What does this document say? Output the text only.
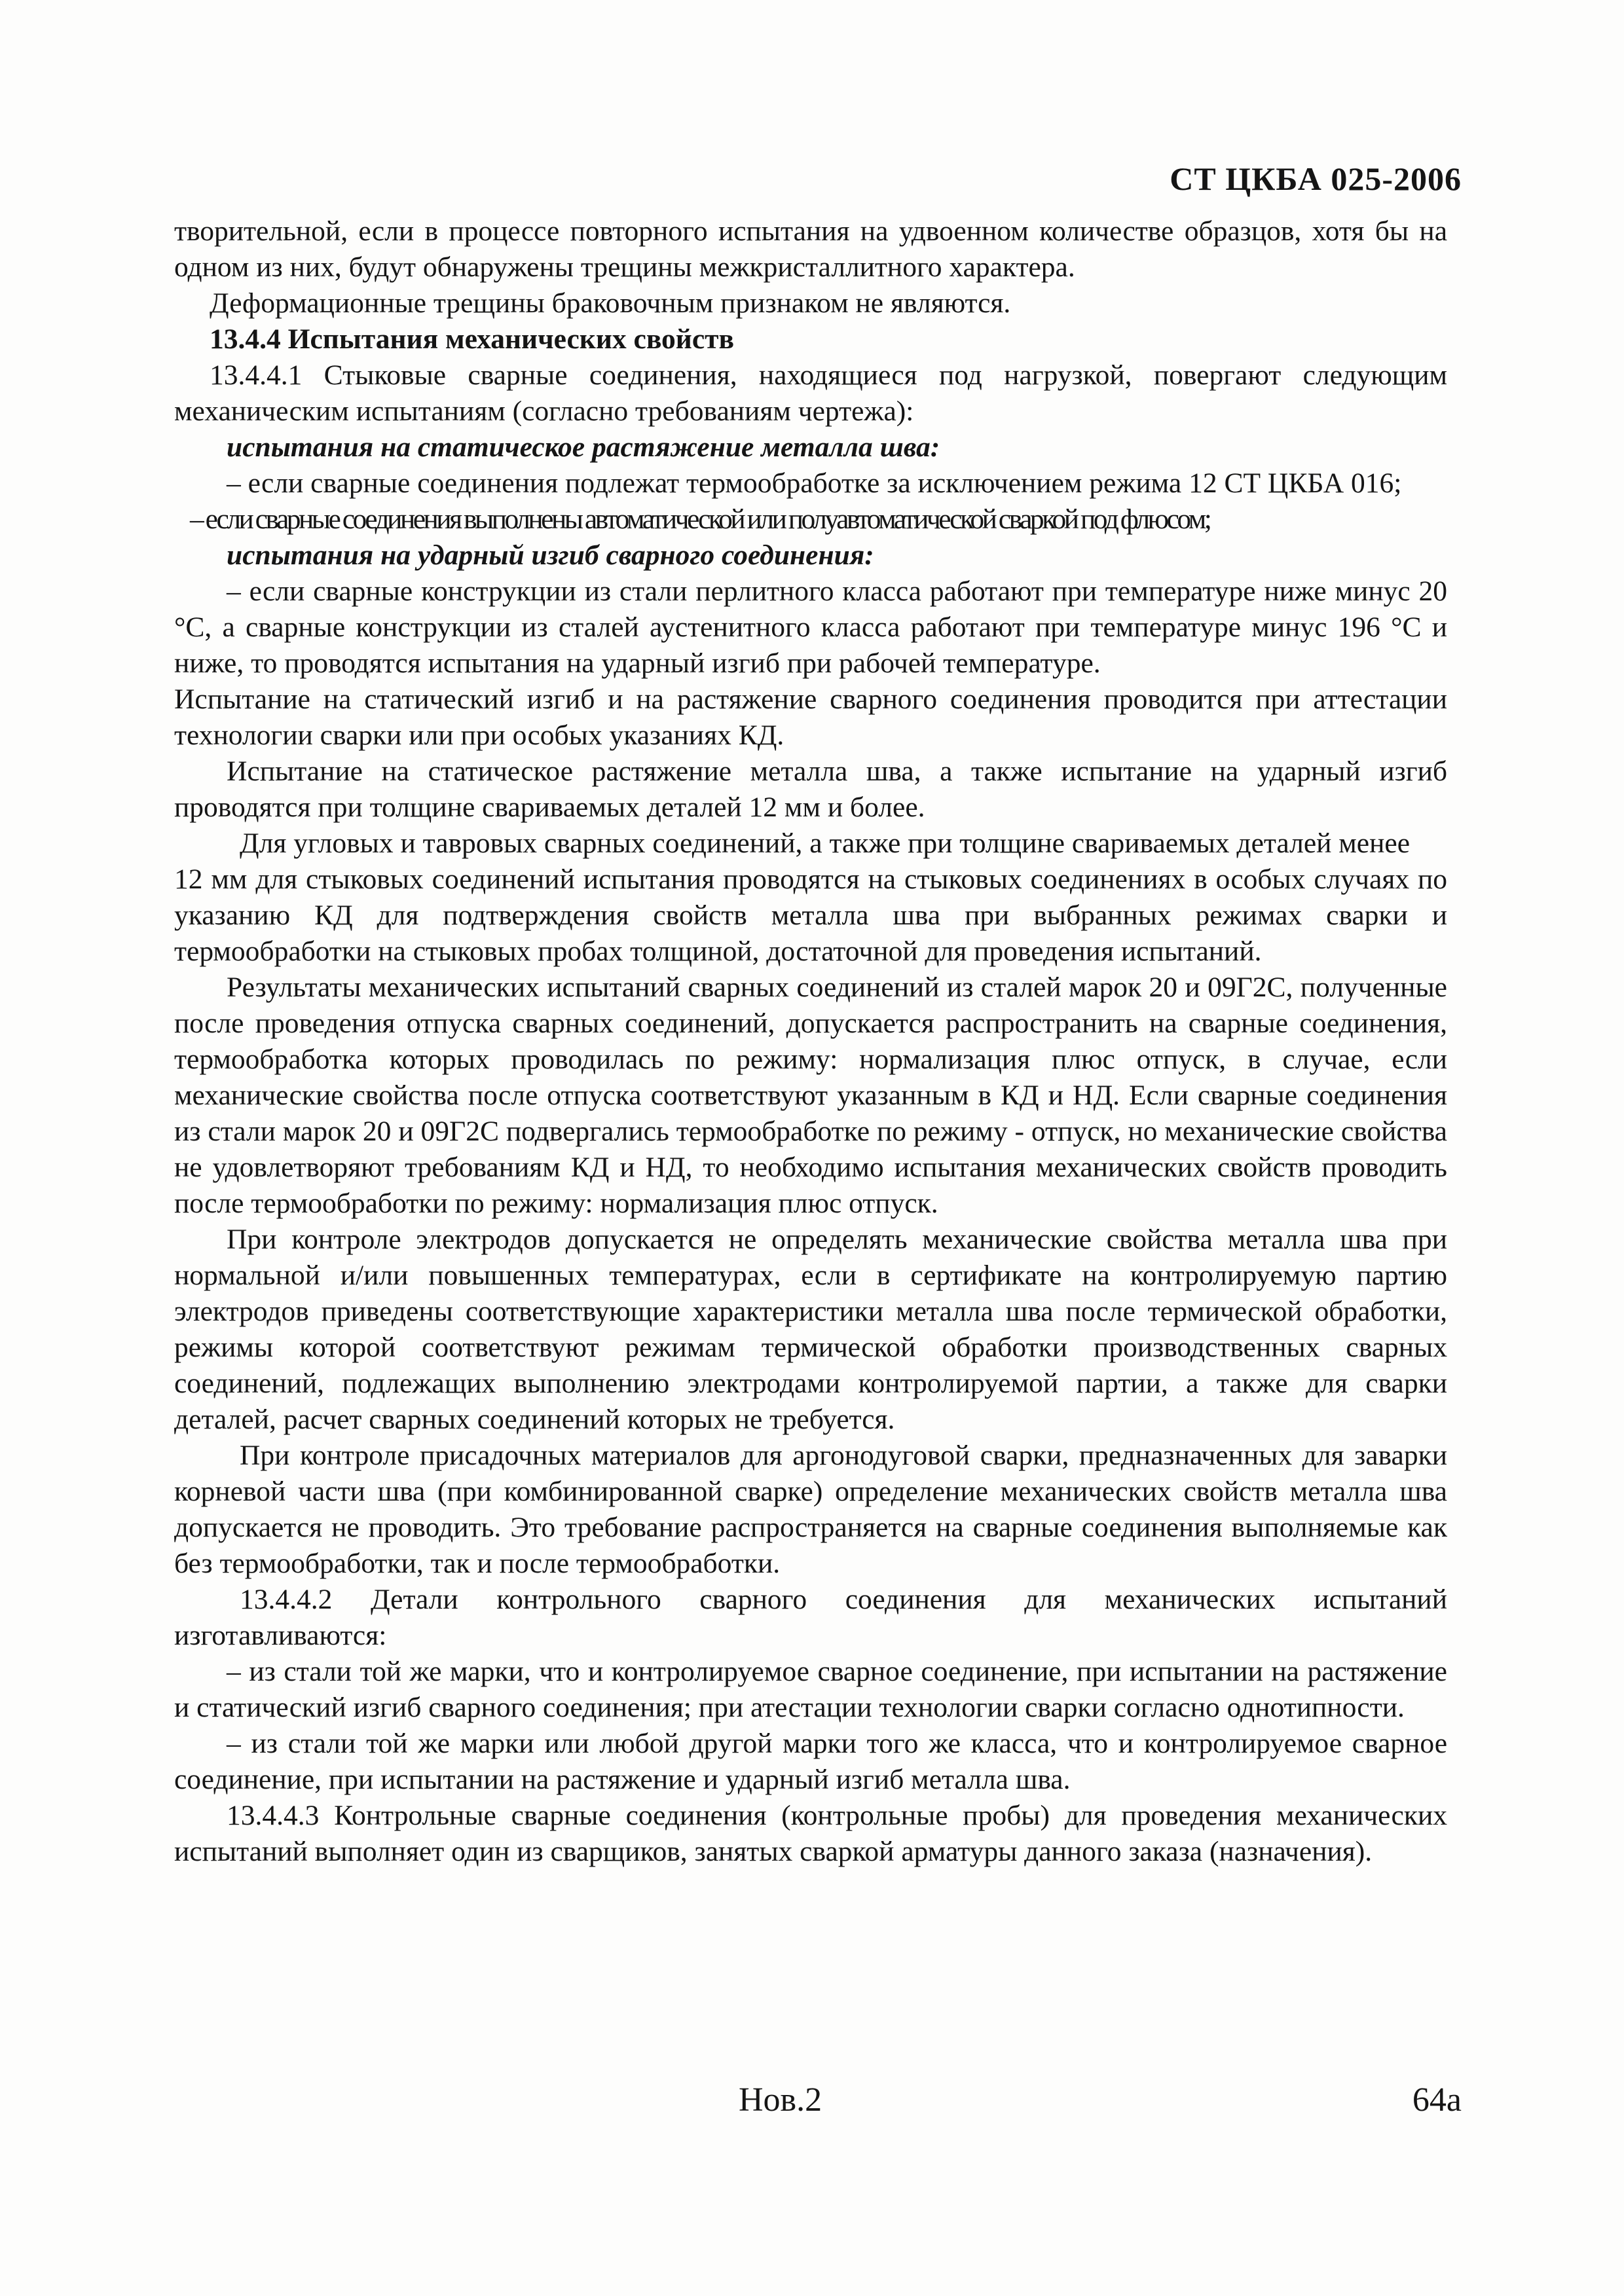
СТ ЦКБА 025-2006

творительной, если в процессе повторного испытания на удвоенном количестве образцов, хотя бы на одном из них, будут обнаружены трещины межкристаллитного характера.

Деформационные трещины браковочным признаком не являются.

13.4.4 Испытания механических свойств

13.4.4.1 Стыковые сварные соединения, находящиеся под нагрузкой, повергают следующим механическим испытаниям (согласно требованиям чертежа):

испытания на статическое растяжение металла шва:

– если сварные соединения подлежат термообработке за исключением режима 12 СТ ЦКБА 016;

– если сварные соединения выполнены автоматической или полуавтоматической сваркой под флюсом;

испытания на ударный изгиб сварного соединения:

– если сварные конструкции из стали перлитного класса работают при температуре ниже минус 20 °С, а сварные конструкции из сталей аустенитного класса работают при температуре минус 196 °С и ниже, то проводятся испытания на ударный изгиб при рабочей температуре.

Испытание на статический изгиб и на растяжение сварного соединения проводится при аттестации технологии сварки или при особых указаниях КД.

Испытание на статическое растяжение металла шва, а также испытание на ударный изгиб проводятся при толщине свариваемых деталей 12 мм и более.

Для угловых и тавровых сварных соединений, а также при толщине свариваемых деталей менее

12 мм для стыковых соединений испытания проводятся на стыковых соединениях в особых случаях по указанию КД для подтверждения свойств металла шва при выбранных режимах сварки и термообработки на стыковых пробах толщиной, достаточной для проведения испытаний.

Результаты механических испытаний сварных соединений из сталей марок 20 и 09Г2С, полученные после проведения отпуска сварных соединений, допускается распространить на сварные соединения, термообработка которых проводилась по режиму: нормализация плюс отпуск, в случае, если механические свойства после отпуска соответствуют указанным в КД и НД. Если сварные соединения из стали марок 20 и 09Г2С подвергались термообработке по режиму - отпуск, но механические свойства не удовлетворяют требованиям КД и НД, то необходимо испытания механических свойств проводить после термообработки по режиму: нормализация плюс отпуск.

При контроле электродов допускается не определять механические свойства металла шва при нормальной и/или повышенных температурах, если в сертификате на контролируемую партию электродов приведены соответствующие характеристики металла шва после термической обработки, режимы которой соответствуют режимам термической обработки производственных сварных соединений, подлежащих выполнению электродами контролируемой партии, а также для сварки деталей, расчет сварных соединений которых не требуется.

При контроле присадочных материалов для аргонодуговой сварки, предназначенных для заварки корневой части шва (при комбинированной сварке) определение механических свойств металла шва допускается не проводить. Это требование распространяется на сварные соединения выполняемые как без термообработки, так и после термообработки.

13.4.4.2 Детали контрольного сварного соединения для механических испытаний изготавливаются:

– из стали той же марки, что и контролируемое сварное соединение, при испытании на растяжение и статический изгиб сварного соединения; при атестации технологии сварки согласно однотипности.

– из стали той же марки или любой другой марки того же класса, что и контролируемое сварное соединение, при испытании на растяжение и ударный изгиб металла шва.

13.4.4.3 Контрольные сварные соединения (контрольные пробы) для проведения механических испытаний выполняет один из сварщиков, занятых сваркой арматуры данного заказа (назначения).

Нов.2	64а
